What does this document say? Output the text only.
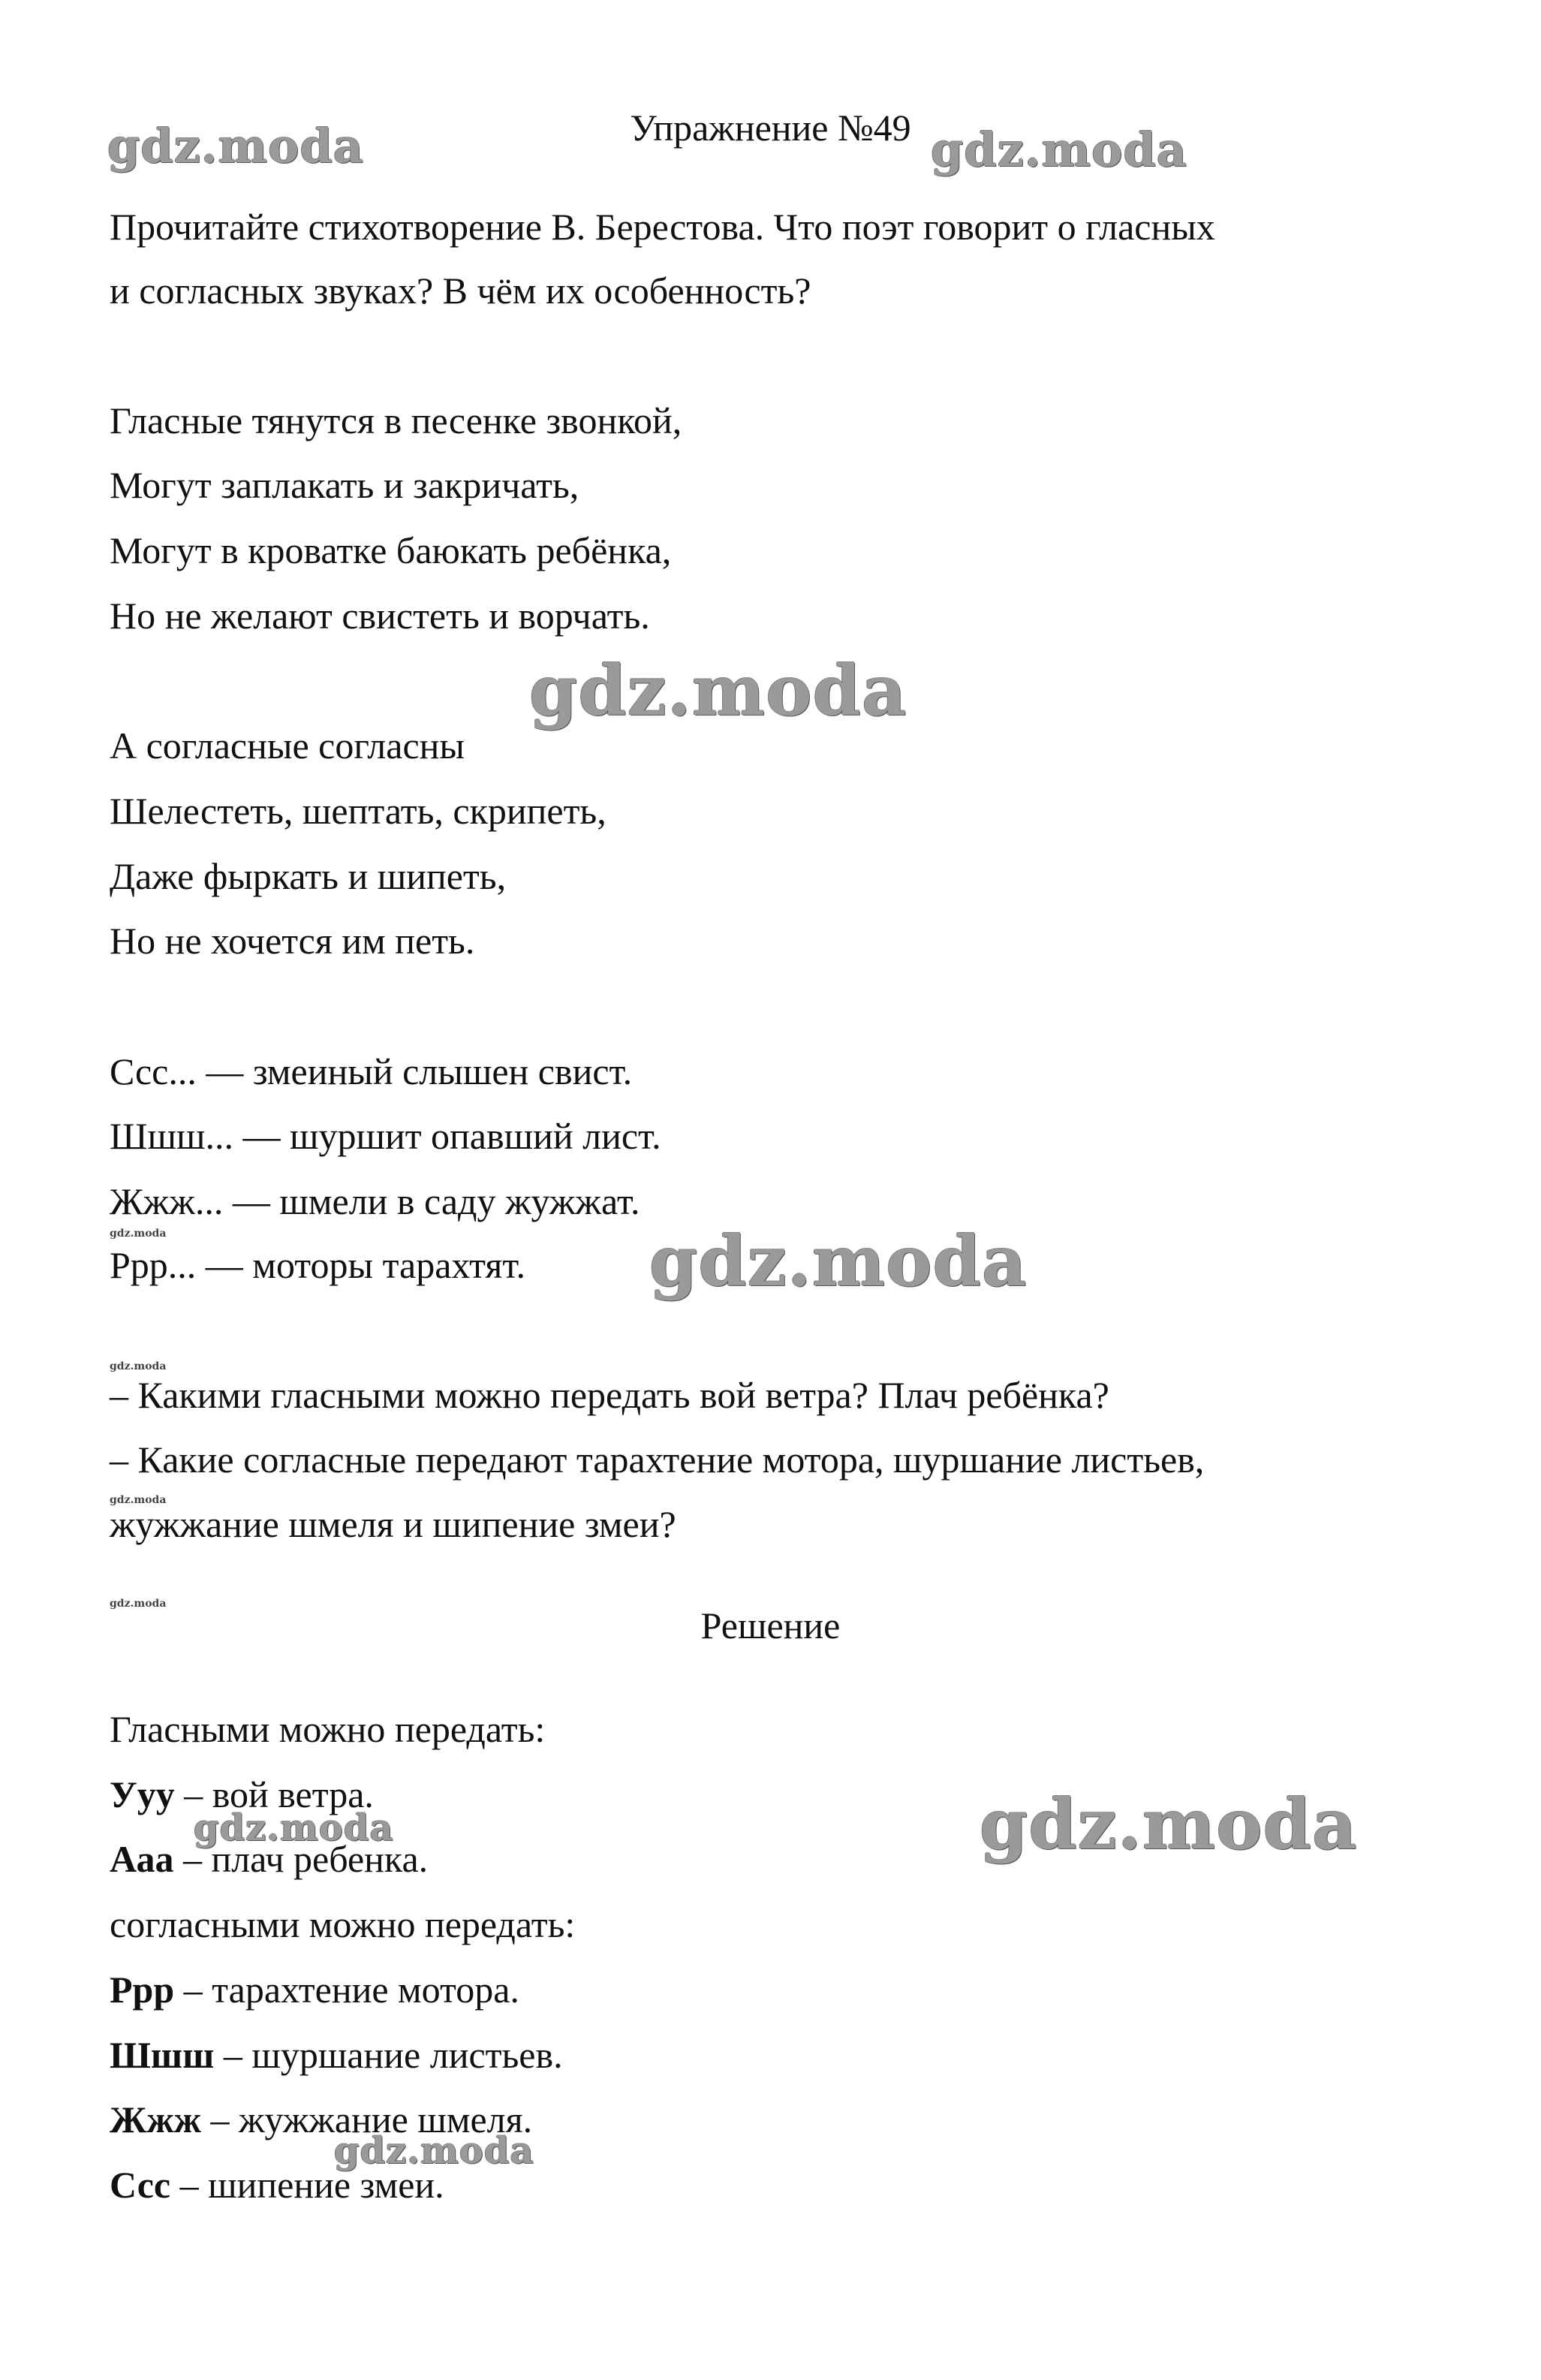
Упражнение №49
Прочитайте стихотворение В. Берестова. Что поэт говорит о гласных
и согласных звуках? В чём их особенность?
Гласные тянутся в песенке звонкой,
Могут заплакать и закричать,
Могут в кроватке баюкать ребёнка,
Но не желают свистеть и ворчать.
А согласные согласны
Шелестеть, шептать, скрипеть,
Даже фыркать и шипеть,
Но не хочется им петь.
Ссс... — змеиный слышен свист.
Шшш... — шуршит опавший лист.
Жжж... — шмели в саду жужжат.
Ррр... — моторы тарахтят.
– Какими гласными можно передать вой ветра? Плач ребёнка?
– Какие согласные передают тарахтение мотора, шуршание листьев,
жужжание шмеля и шипение змеи?
Решение
Гласными можно передать:
Ууу – вой ветра.
Ааа – плач ребенка.
согласными можно передать:
Ррр – тарахтение мотора.
Шшш – шуршание листьев.
Жжж – жужжание шмеля.
Ссс – шипение змеи.
gdz.moda	gdz.moda
gdz.moda
gdz.moda
gdz.moda
gdz.moda
gdz.moda
gdz.moda
gdz.moda
gdz.moda
gdz.moda
